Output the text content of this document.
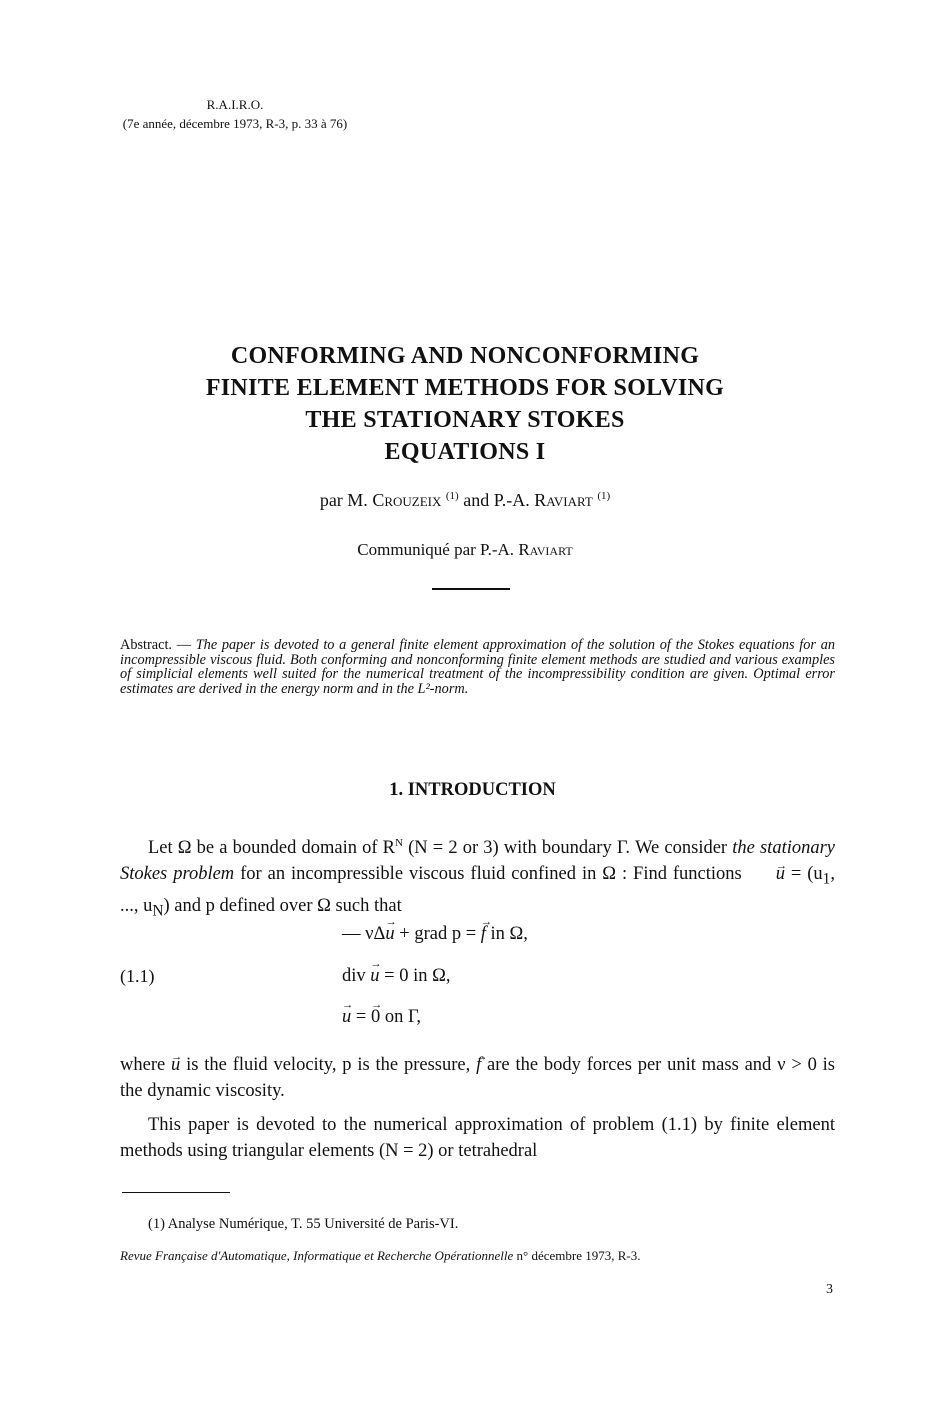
R.A.I.R.O.
(7e année, décembre 1973, R-3, p. 33 à 76)
CONFORMING AND NONCONFORMING
FINITE ELEMENT METHODS FOR SOLVING
THE STATIONARY STOKES
EQUATIONS I
par M. Crouzeix $^{(1)}$ and P.-A. Raviart $^{(1)}$
Communiqué par P.-A. Raviart
Abstract. — The paper is devoted to a general finite element approximation of the solution of the Stokes equations for an incompressible viscous fluid. Both conforming and nonconforming finite element methods are studied and various examples of simplicial elements well suited for the numerical treatment of the incompressibility condition are given. Optimal error estimates are derived in the energy norm and in the L²-norm.
1. INTRODUCTION
Let Ω be a bounded domain of $R^N$ (N = 2 or 3) with boundary Γ. We consider the stationary Stokes problem for an incompressible viscous fluid confined in Ω : Find functions → $u = (u_1$, ..., $u_N$) and p defined over Ω such that
— νΔ→ u + grad p = → f in Ω,
(1.1)	div → u = 0 in Ω,
→ u = → 0 on Γ,
where → u is the fluid velocity, p is the pressure, → f are the body forces per unit mass and ν > 0 is the dynamic viscosity.
This paper is devoted to the numerical approximation of problem (1.1) by finite element methods using triangular elements (N = 2) or tetrahedral
(1) Analyse Numérique, T. 55 Université de Paris-VI.
Revue Française d'Automatique, Informatique et Recherche Opérationnelle n° décembre 1973, R-3.
3
